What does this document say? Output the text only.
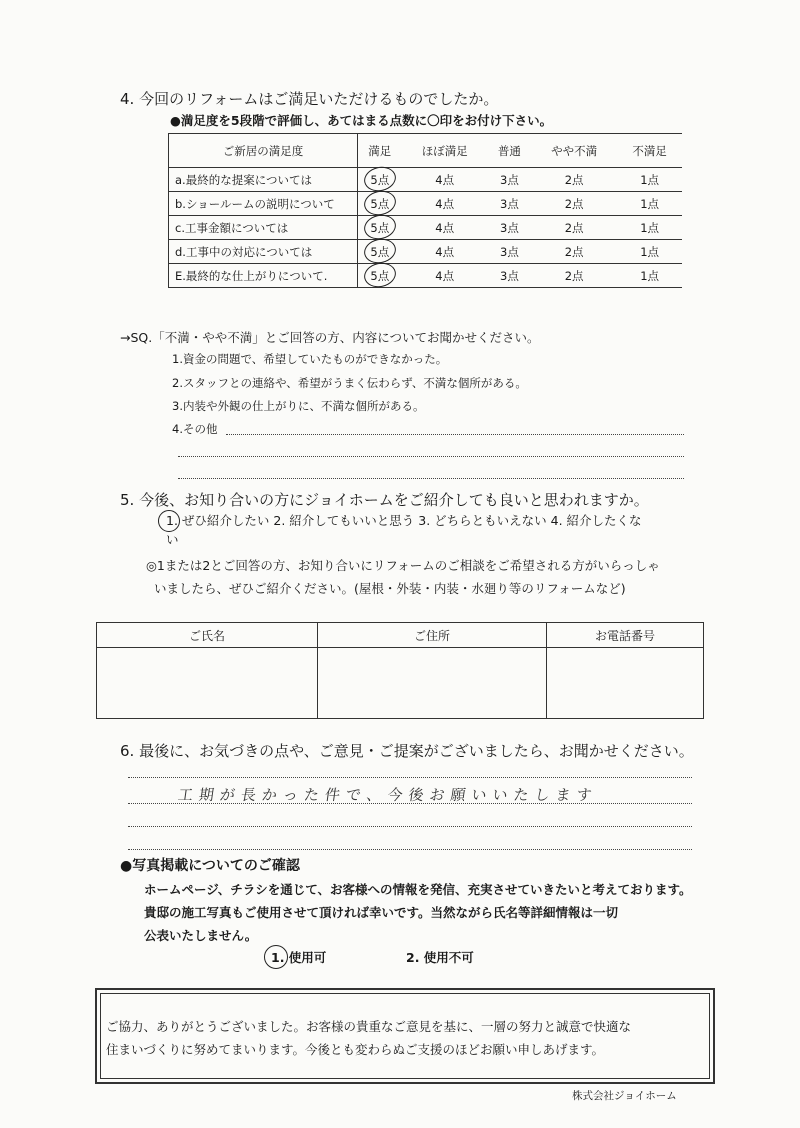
4. 今回のリフォームはご満足いただけるものでしたか。
●満足度を5段階で評価し、あてはまる点数に〇印をお付け下さい。
ご新居の満足度	満足	ほぼ満足	普通	やや不満	不満足
a.最終的な提案については	5点	4点	3点	2点	1点
b.ショールームの説明について	5点	4点	3点	2点	1点
c.工事金額については	5点	4点	3点	2点	1点
d.工事中の対応については	5点	4点	3点	2点	1点
E.最終的な仕上がりについて.	5点	4点	3点	2点	1点
→SQ.「不満・やや不満」とご回答の方、内容についてお聞かせください。
1.資金の問題で、希望していたものができなかった。
2.スタッフとの連絡や、希望がうまく伝わらず、不満な個所がある。
3.内装や外観の仕上がりに、不満な個所がある。
4.その他
5. 今後、お知り合いの方にジョイホームをご紹介しても良いと思われますか。
1. ぜひ紹介したい 2. 紹介してもいいと思う 3. どちらともいえない 4. 紹介したくな
い
◎1または2とご回答の方、お知り合いにリフォームのご相談をご希望される方がいらっしゃ
いましたら、ぜひご紹介ください。(屋根・外装・内装・水廻り等のリフォームなど)
ご氏名	ご住所	お電話番号

6. 最後に、お気づきの点や、ご意見・ご提案がございましたら、お聞かせください。
工期が長かった件で、今後お願いいたします
●写真掲載についてのご確認
ホームページ、チラシを通じて、お客様への情報を発信、充実させていきたいと考えております。
貴邸の施工写真もご使用させて頂ければ幸いです。当然ながら氏名等詳細情報は一切
公表いたしません。
1. 使用可	2. 使用不可
ご協力、ありがとうございました。お客様の貴重なご意見を基に、一層の努力と誠意で快適な
住まいづくりに努めてまいります。今後とも変わらぬご支援のほどお願い申しあげます。
株式会社ジョイホーム
